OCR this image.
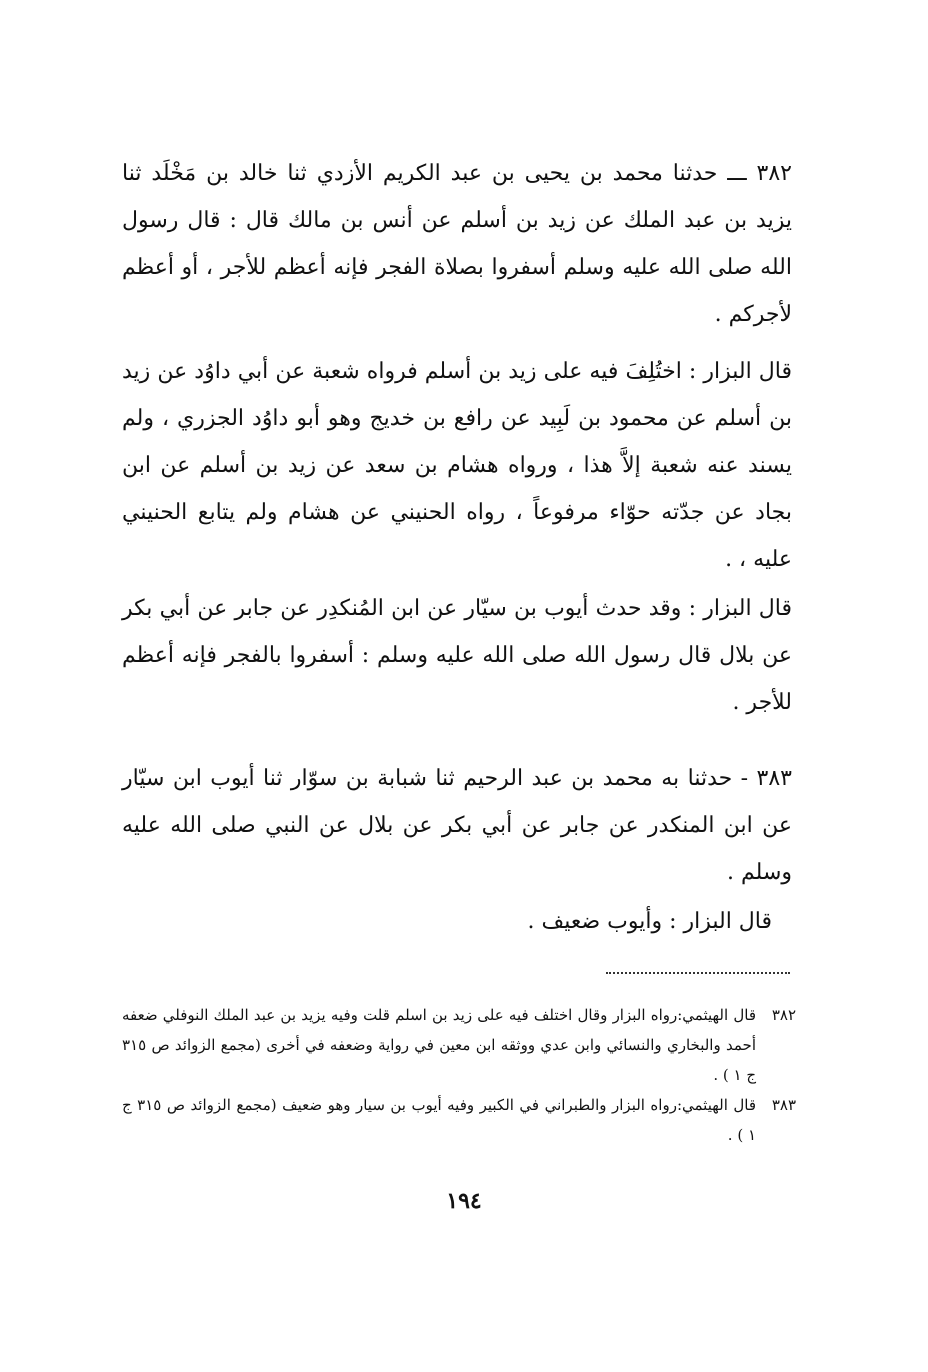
٣٨٢ ـــ حدثنا محمد بن يحيى بن عبد الكريم الأزدي ثنا خالد بن مَخْلَد ثنا يزيد بن عبد الملك عن زيد بن أسلم عن أنس بن مالك قال : قال رسول الله صلى الله عليه وسلم أسفروا بصلاة الفجر فإنه أعظم للأجر ، أو أعظم لأجركم .

قال البزار : اختُلِفَ فيه على زيد بن أسلم فرواه شعبة عن أبي داوُد عن زيد بن أسلم عن محمود بن لَبِيد عن رافع بن خديج وهو أبو داوُد الجزري ، ولم يسند عنه شعبة إلاَّ هذا ، ورواه هشام بن سعد عن زيد بن أسلم عن ابن بجاد عن جدّته حوّاء مرفوعاً ، رواه الحنيني عن هشام ولم يتابع الحنيني عليه ، .

قال البزار : وقد حدث أيوب بن سيّار عن ابن المُنكدِر عن جابر عن أبي بكر عن بلال قال رسول الله صلى الله عليه وسلم : أسفروا بالفجر فإنه أعظم للأجر .

٣٨٣ - حدثنا به محمد بن عبد الرحيم ثنا شبابة بن سوّار ثنا أيوب ابن سيّار عن ابن المنكدر عن جابر عن أبي بكر عن بلال عن النبي صلى الله عليه وسلم .

قال البزار : وأيوب ضعيف .

٣٨٢
قال الهيثمي:رواه البزار وقال اختلف فيه على زيد بن اسلم قلت وفيه يزيد بن عبد الملك النوفلي ضعفه أحمد والبخاري والنسائي وابن عدي ووثقه ابن معين في رواية وضعفه في أخرى (مجمع الزوائد ص ٣١٥ ج ١ ) .
٣٨٣
قال الهيثمي:رواه البزار والطبراني في الكبير وفيه أيوب بن سيار وهو ضعيف (مجمع الزوائد ص ٣١٥ ج ١ ) .
١٩٤
